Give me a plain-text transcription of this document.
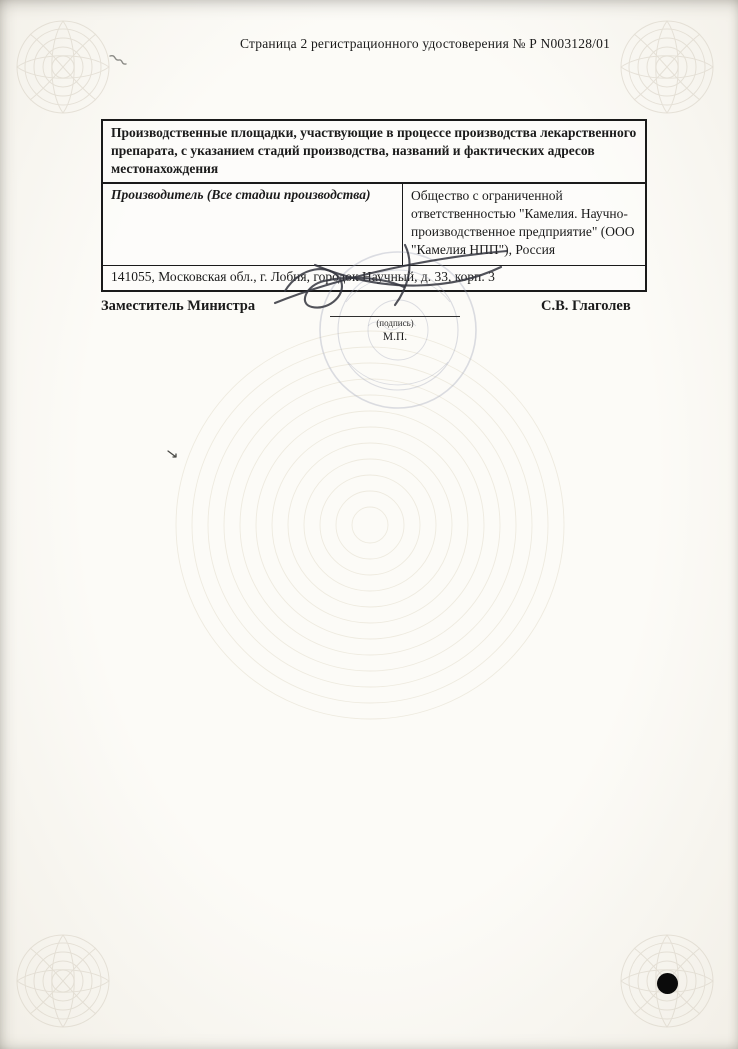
Страница 2 регистрационного удостоверения № Р N003128/01
Производственные площадки, участвующие в процессе производства лекарственного препарата, с указанием стадий производства, названий и фактических адресов местонахождения
Производитель (Все стадии производства)	Общество с ограниченной ответственностью "Камелия. Научно-производственное предприятие" (ООО "Камелия НПП"), Россия
141055, Московская обл., г. Лобня, городок Научный, д. 33, корп. 3
Заместитель Министра
(подпись)
М.П.
С.В. Глаголев
